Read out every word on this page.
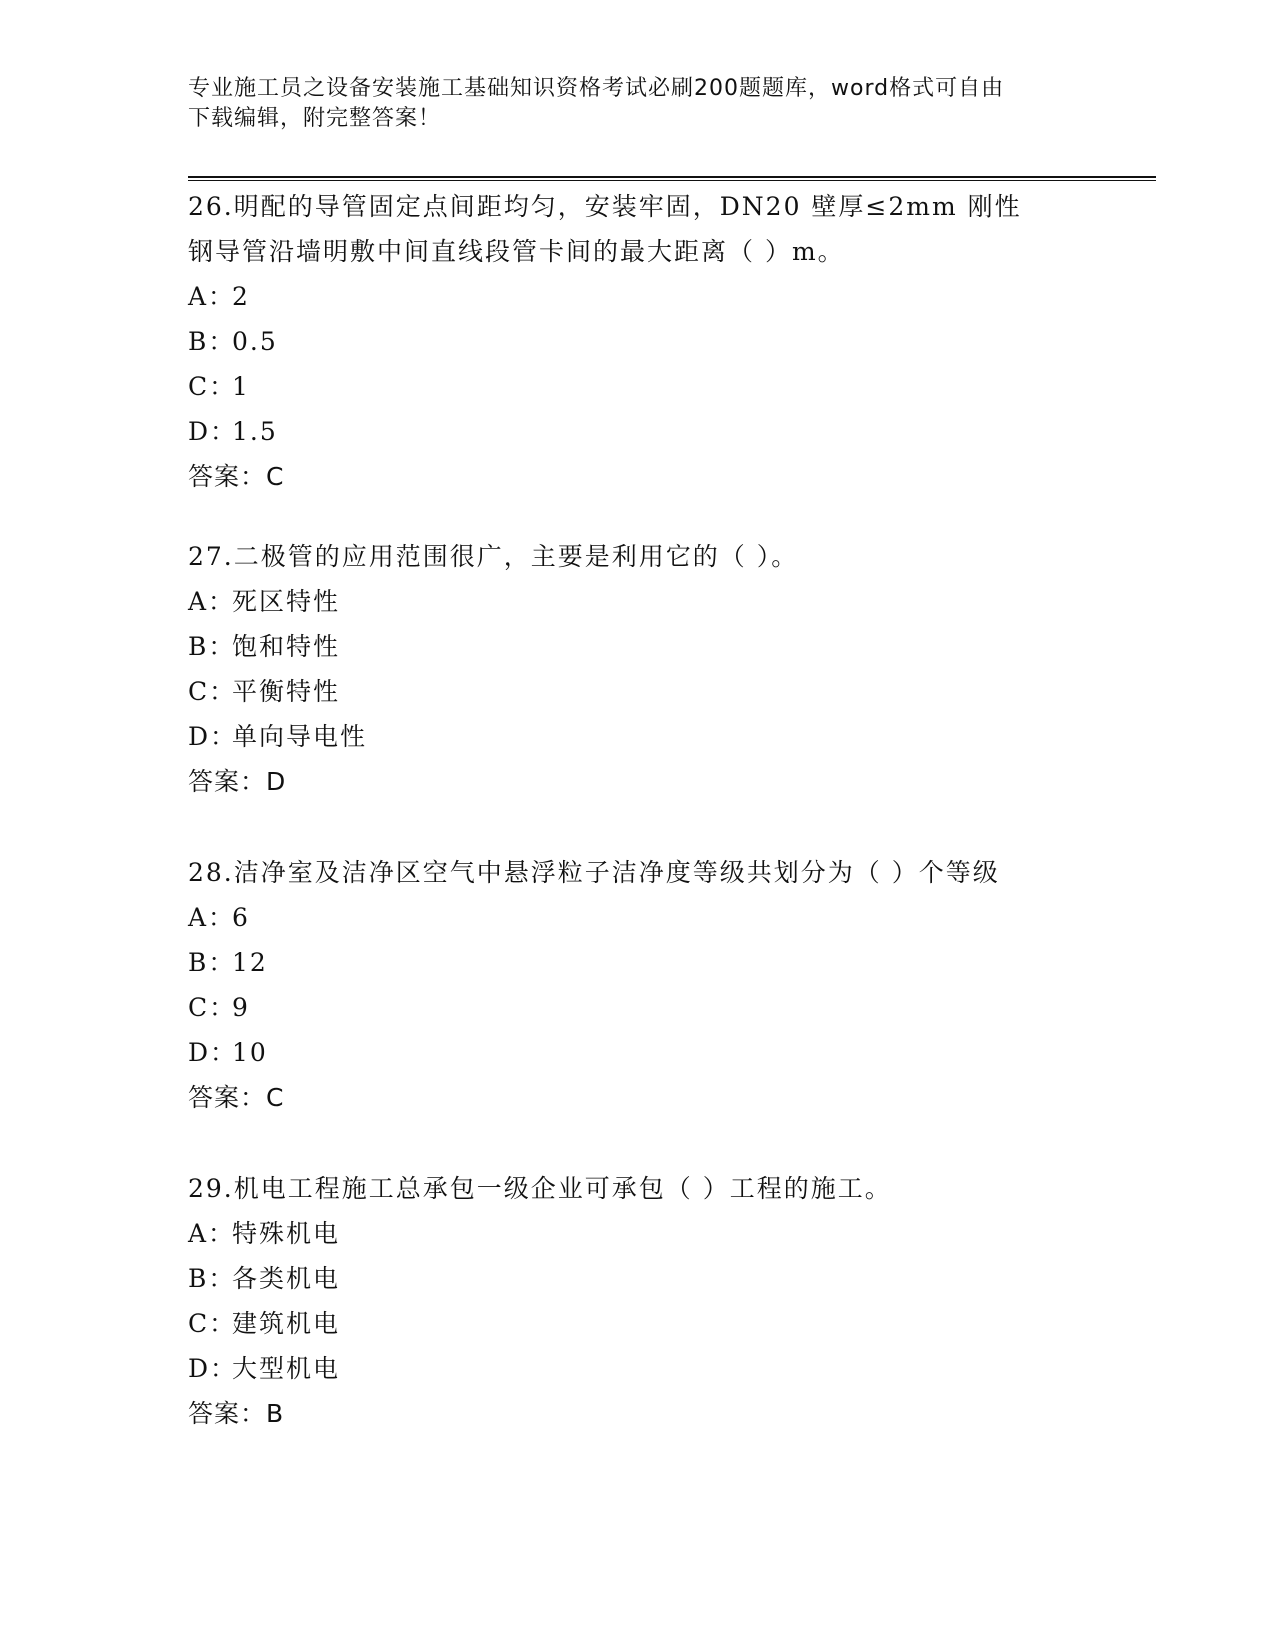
专业施工员之设备安装施工基础知识资格考试必刷200题题库，word格式可自由
下载编辑，附完整答案！

26.明配的导管固定点间距均匀，安装牢固，DN20 壁厚≤2mm 刚性钢导管沿墙明敷中间直线段管卡间的最大距离（ ）m。

A：2

B：0.5

C：1

D：1.5

答案：C

27.二极管的应用范围很广，主要是利用它的（ ）。

A：死区特性

B：饱和特性

C：平衡特性

D：单向导电性

答案：D

28.洁净室及洁净区空气中悬浮粒子洁净度等级共划分为（ ）个等级

A：6

B：12

C：9

D：10

答案：C

29.机电工程施工总承包一级企业可承包（ ）工程的施工。

A：特殊机电

B：各类机电

C：建筑机电

D：大型机电

答案：B
